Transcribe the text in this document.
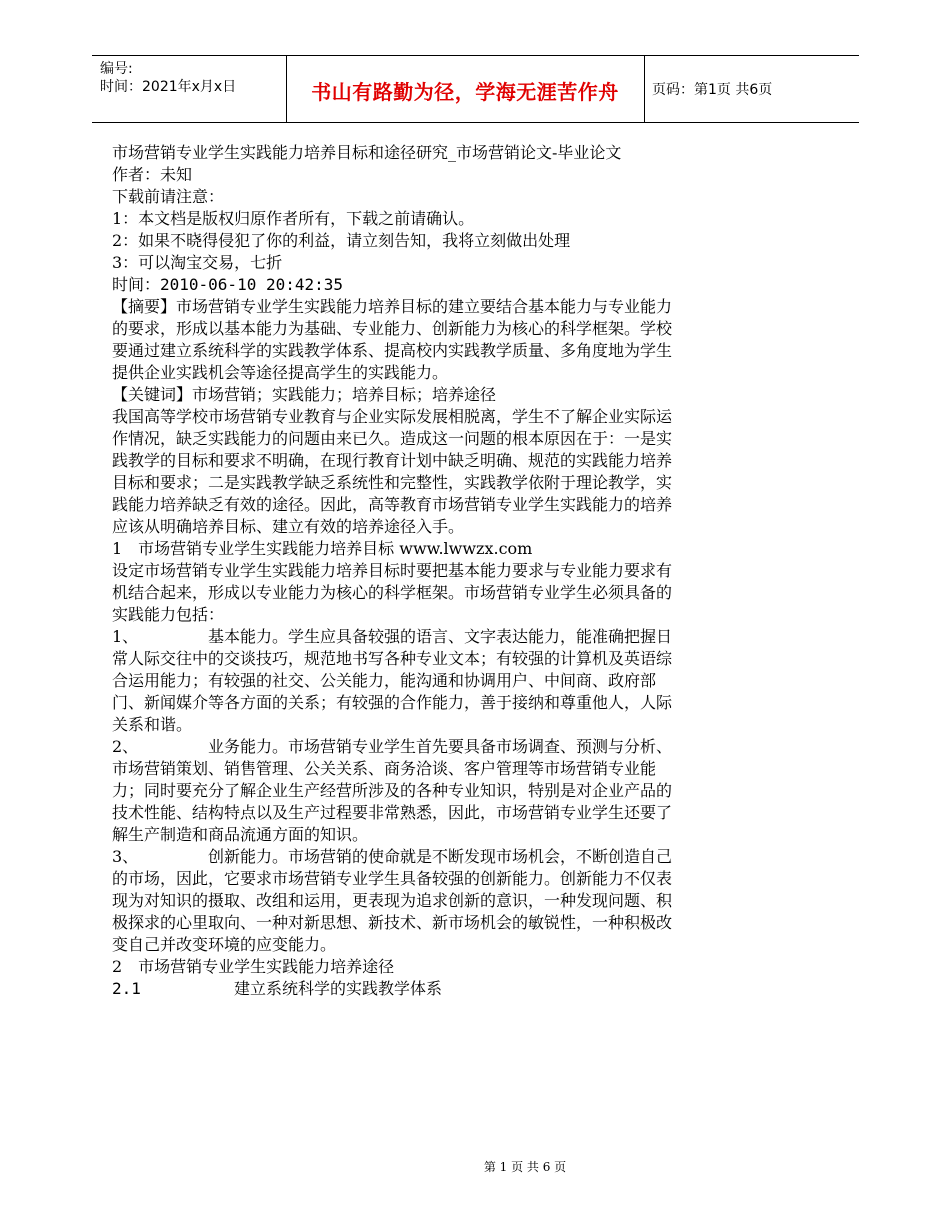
编号:
时间：2021年x月x日	书山有路勤为径，学海无涯苦作舟	页码：第1页 共6页
市场营销专业学生实践能力培养目标和途径研究_市场营销论文-毕业论文
作者：未知
下载前请注意：
1：本文档是版权归原作者所有，下载之前请确认。
2：如果不晓得侵犯了你的利益，请立刻告知，我将立刻做出处理
3：可以淘宝交易，七折
时间：2010-06-10 20:42:35
【摘要】市场营销专业学生实践能力培养目标的建立要结合基本能力与专业能力
的要求，形成以基本能力为基础、专业能力、创新能力为核心的科学框架。学校
要通过建立系统科学的实践教学体系、提高校内实践教学质量、多角度地为学生
提供企业实践机会等途径提高学生的实践能力。
【关键词】市场营销；实践能力；培养目标；培养途径
我国高等学校市场营销专业教育与企业实际发展相脱离，学生不了解企业实际运
作情况，缺乏实践能力的问题由来已久。造成这一问题的根本原因在于：一是实
践教学的目标和要求不明确，在现行教育计划中缺乏明确、规范的实践能力培养
目标和要求；二是实践教学缺乏系统性和完整性，实践教学依附于理论教学，实
践能力培养缺乏有效的途径。因此，高等教育市场营销专业学生实践能力的培养
应该从明确培养目标、建立有效的培养途径入手。
1　市场营销专业学生实践能力培养目标 www.lwwzx.com
设定市场营销专业学生实践能力培养目标时要把基本能力要求与专业能力要求有
机结合起来，形成以专业能力为核心的科学框架。市场营销专业学生必须具备的
实践能力包括：
1、	基本能力。学生应具备较强的语言、文字表达能力，能准确把握日
常人际交往中的交谈技巧，规范地书写各种专业文本；有较强的计算机及英语综
合运用能力；有较强的社交、公关能力，能沟通和协调用户、中间商、政府部
门、新闻媒介等各方面的关系；有较强的合作能力，善于接纳和尊重他人，人际
关系和谐。
2、	业务能力。市场营销专业学生首先要具备市场调查、预测与分析、
市场营销策划、销售管理、公关关系、商务洽谈、客户管理等市场营销专业能
力；同时要充分了解企业生产经营所涉及的各种专业知识，特别是对企业产品的
技术性能、结构特点以及生产过程要非常熟悉，因此，市场营销专业学生还要了
解生产制造和商品流通方面的知识。
3、	创新能力。市场营销的使命就是不断发现市场机会，不断创造自己
的市场，因此，它要求市场营销专业学生具备较强的创新能力。创新能力不仅表
现为对知识的摄取、改组和运用，更表现为追求创新的意识，一种发现问题、积
极探求的心里取向、一种对新思想、新技术、新市场机会的敏锐性，一种积极改
变自己并改变环境的应变能力。
2　市场营销专业学生实践能力培养途径
2.1	建立系统科学的实践教学体系
第 1 页 共 6 页
